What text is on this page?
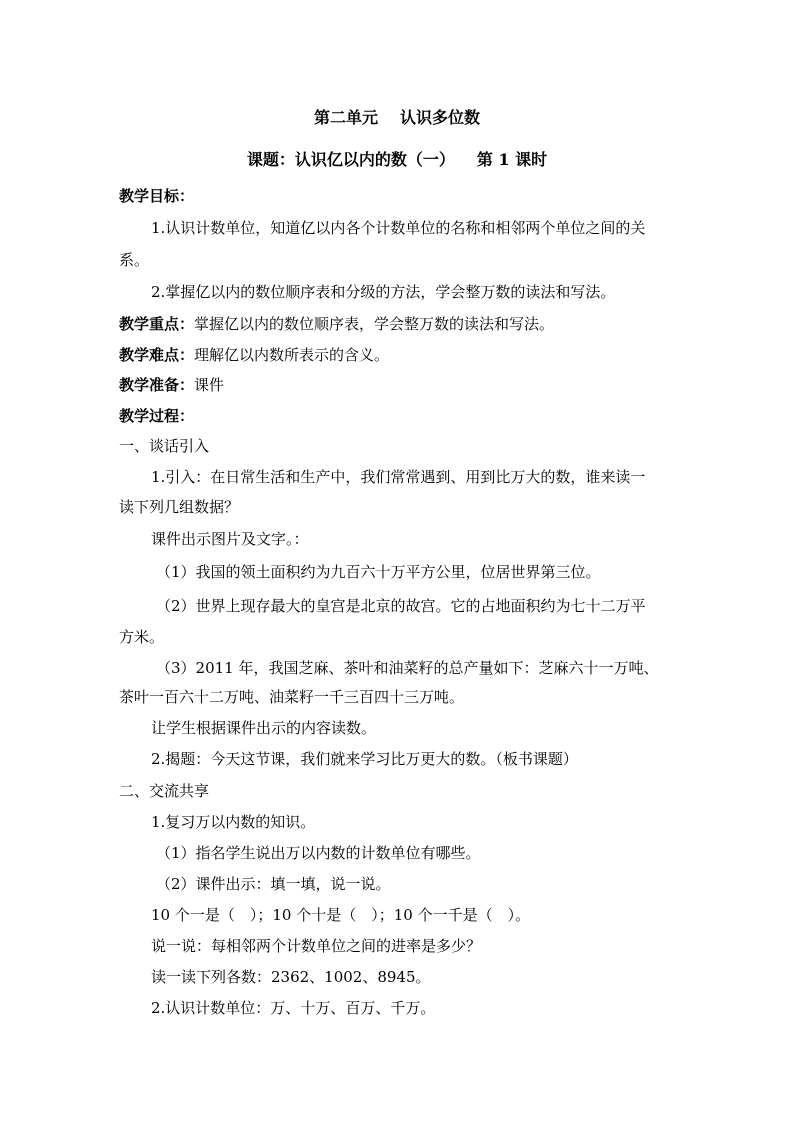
第二单元 认识多位数
课题：认识亿以内的数（一） 第 1 课时
教学目标：
1.认识计数单位，知道亿以内各个计数单位的名称和相邻两个单位之间的关
系。
2.掌握亿以内的数位顺序表和分级的方法，学会整万数的读法和写法。
教学重点：掌握亿以内的数位顺序表，学会整万数的读法和写法。
教学难点：理解亿以内数所表示的含义。
教学准备：课件
教学过程：
一、谈话引入
1.引入：在日常生活和生产中，我们常常遇到、用到比万大的数，谁来读一
读下列几组数据？
课件出示图片及文字。：
（1）我国的领土面积约为九百六十万平方公里，位居世界第三位。
（2）世界上现存最大的皇宫是北京的故宫。它的占地面积约为七十二万平
方米。
（3）2011 年，我国芝麻、茶叶和油菜籽的总产量如下：芝麻六十一万吨、
茶叶一百六十二万吨、油菜籽一千三百四十三万吨。
让学生根据课件出示的内容读数。
2.揭题：今天这节课，我们就来学习比万更大的数。（板书课题）
二、交流共享
1.复习万以内数的知识。
（1）指名学生说出万以内数的计数单位有哪些。
（2）课件出示：填一填，说一说。
10 个一是（　）；10 个十是（　）；10 个一千是（　）。
说一说：每相邻两个计数单位之间的进率是多少？
读一读下列各数：2362、1002、8945。
2.认识计数单位：万、十万、百万、千万。
